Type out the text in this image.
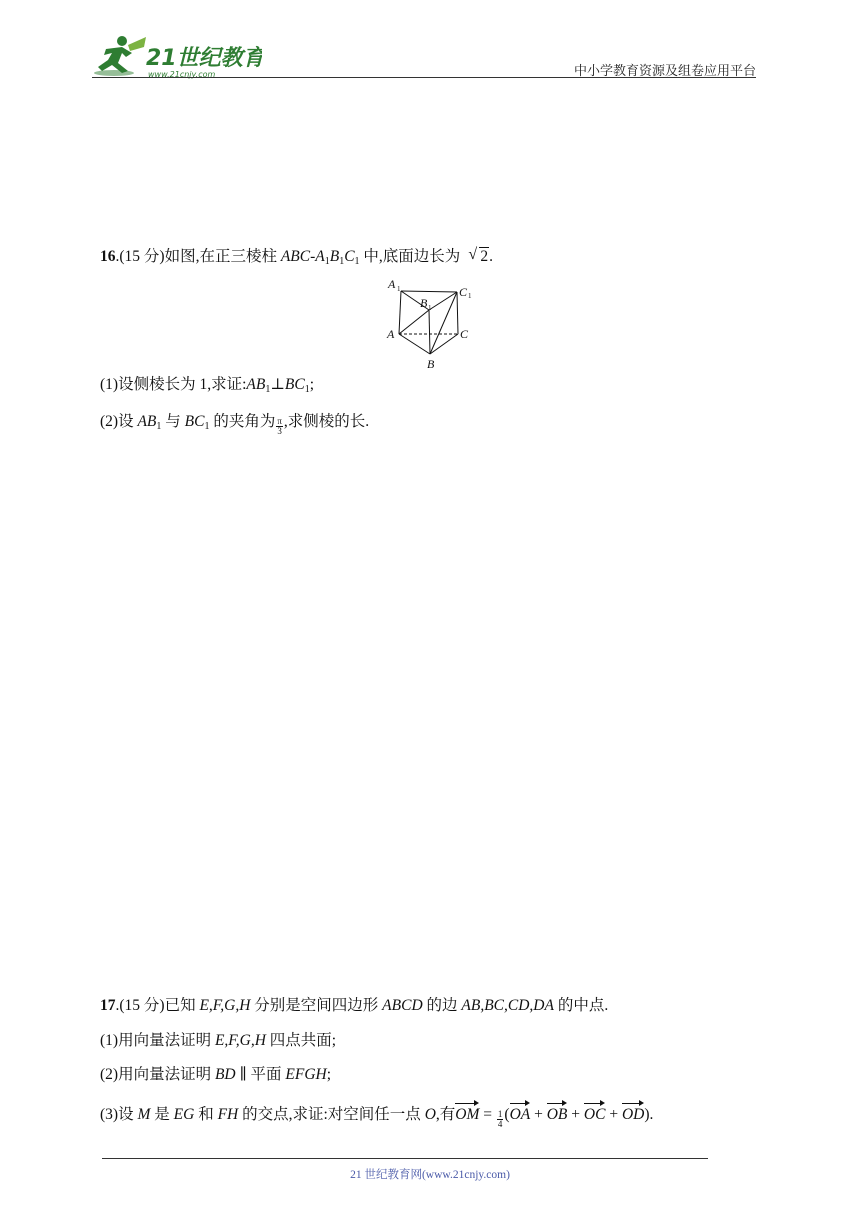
21世纪教育
www.21cnjy.com	中小学教育资源及组卷应用平台
16.(15 分)如图,在正三棱柱 ABC-$A_1B_1C_1$ 中,底面边长为 √ 2.
A 1
B 1
C 1
A	C
B
(1)设侧棱长为 1,求证$:AB_1\perp BC_1$;
(2)设 $AB_1$ 与 $BC_1$ 的夹角为 $\frac{\pi}{3}$ ,求侧棱的长.
17.(15 分)已知 E,F,G,H 分别是空间四边形 ABCD 的边 AB,BC,CD,DA 的中点.
(1)用向量法证明 E,F,G,H 四点共面;
(2)用向量法证明 BD ∥ 平面 EFGH;
(3)设 M 是 EG 和 FH 的交点,求证:对空间任一点 O,有OM = $\frac{1}{4} (OA$ + OB + OC + OD).
21 世纪教育网(www.21cnjy.com)
